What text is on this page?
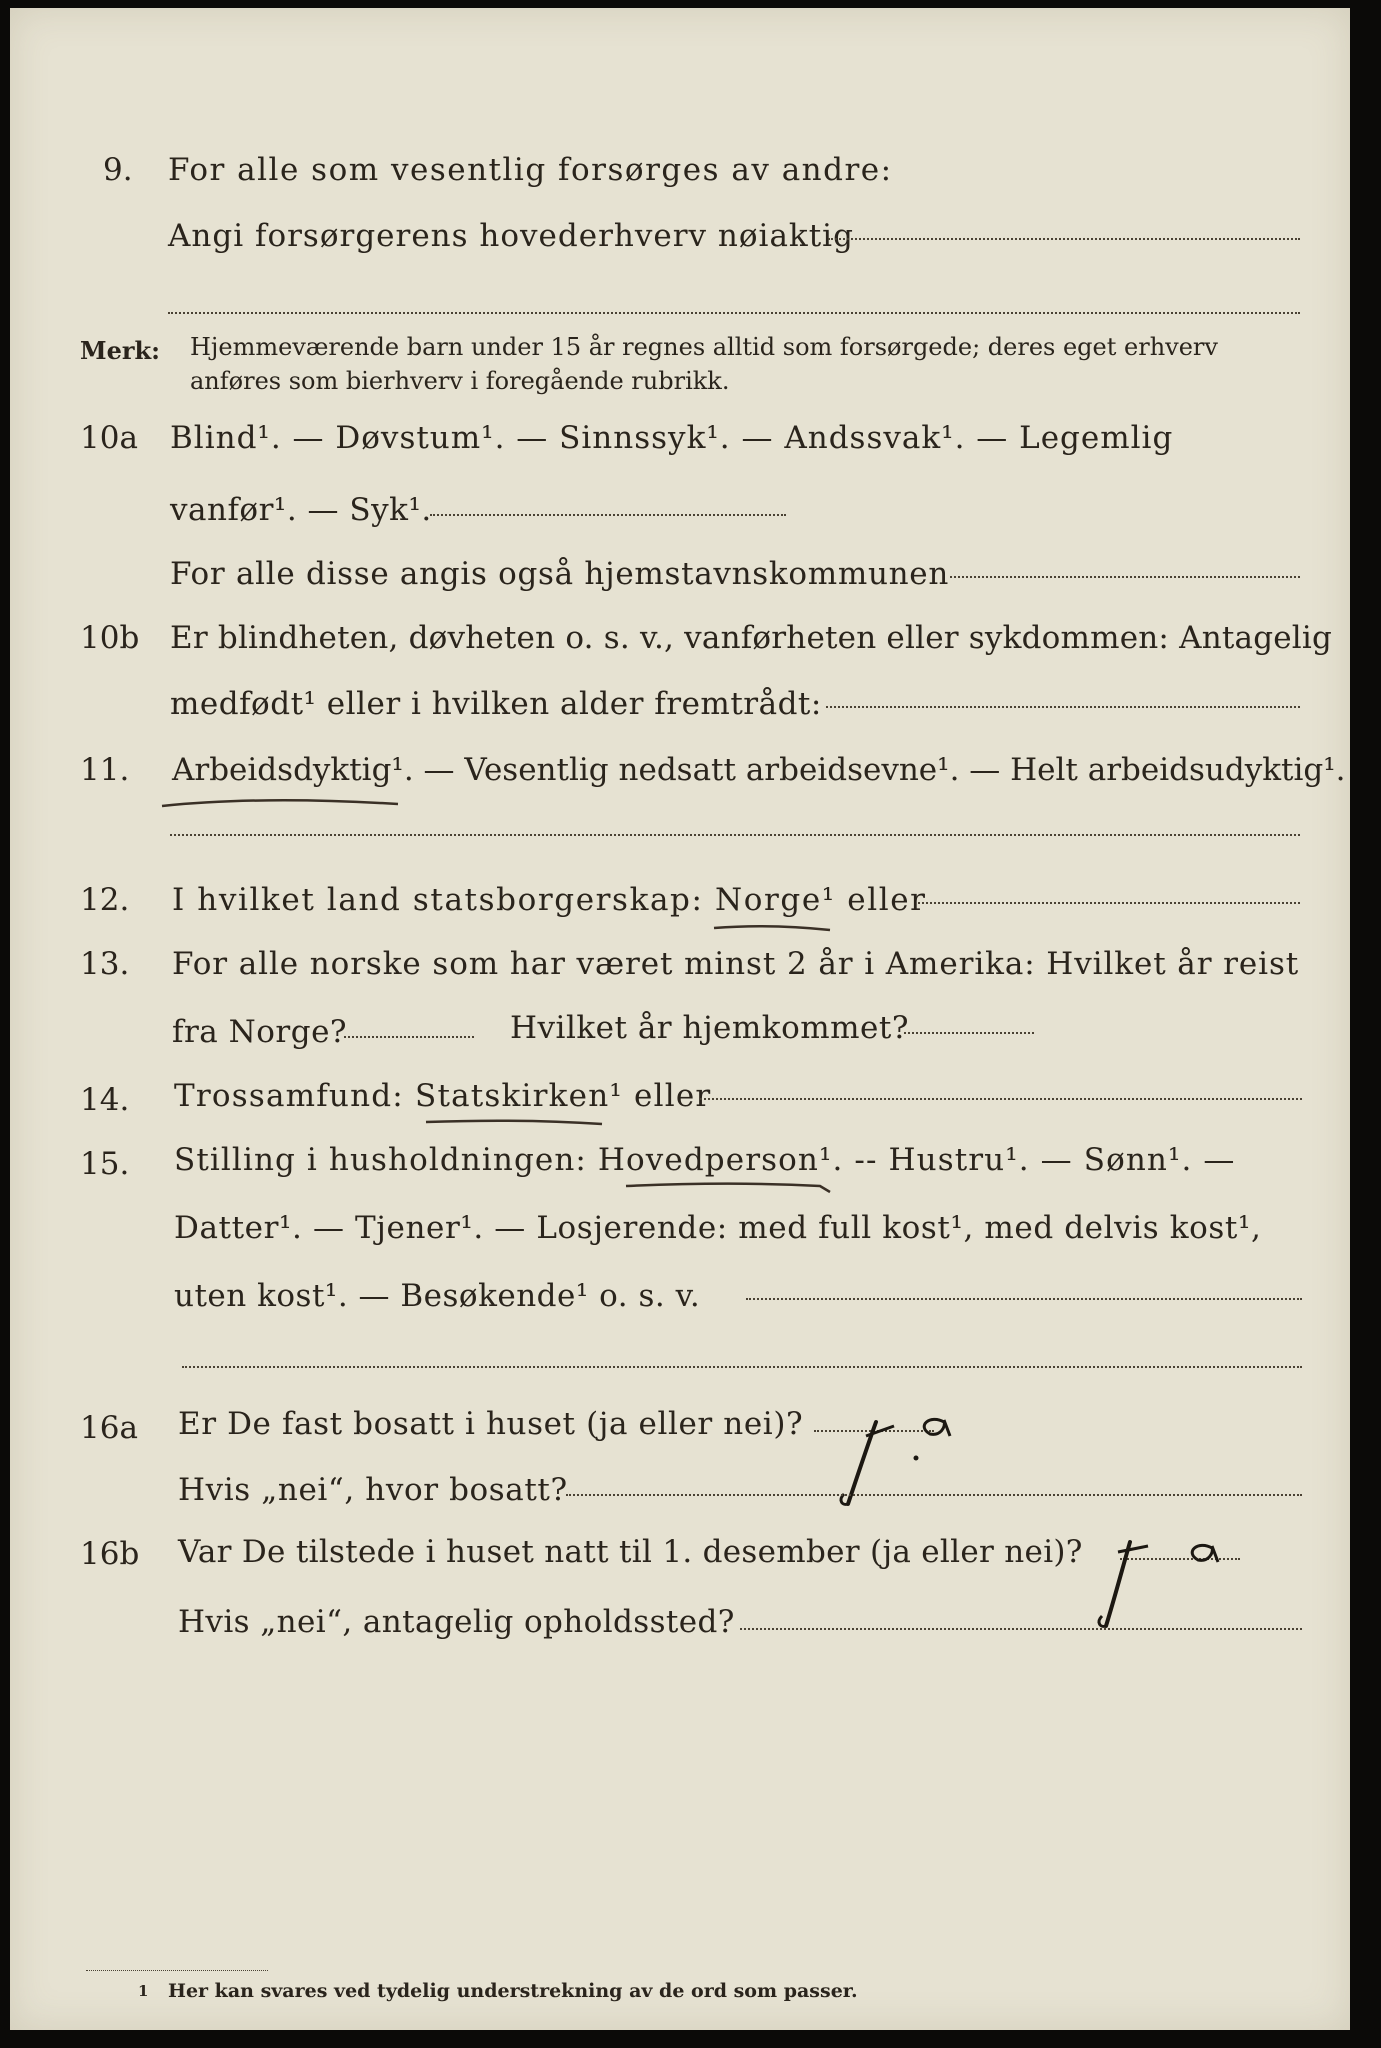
9. For alle som vesentlig forsørges av andre:
Angi forsørgerens hovederhverv nøiaktig
Merk: Hjemmeværende barn under 15 år regnes alltid som forsørgede; deres eget erhverv
anføres som bierhverv i foregående rubrikk.
10a Blind¹. — Døvstum¹. — Sinnssyk¹. — Andssvak¹. — Legemlig
vanfør¹. — Syk¹.
For alle disse angis også hjemstavnskommunen
10b Er blindheten, døvheten o. s. v., vanførheten eller sykdommen: Antagelig
medfødt¹ eller i hvilken alder fremtrådt:
11. Arbeidsdyktig¹. — Vesentlig nedsatt arbeidsevne¹. — Helt arbeidsudyktig¹.
12. I hvilket land statsborgerskap: Norge¹ eller
13. For alle norske som har været minst 2 år i Amerika: Hvilket år reist
fra Norge?	Hvilket år hjemkommet?
14. Trossamfund: Statskirken¹ eller
15. Stilling i husholdningen: Hovedperson¹. -- Hustru¹. — Sønn¹. —
Datter¹. — Tjener¹. — Losjerende: med full kost¹, med delvis kost¹,
uten kost¹. — Besøkende¹ o. s. v.
16a Er De fast bosatt i huset (ja eller nei)?
Hvis „nei“, hvor bosatt?
16b Var De tilstede i huset natt til 1. desember (ja eller nei)?
Hvis „nei“, antagelig opholdssted?
1 Her kan svares ved tydelig understrekning av de ord som passer.
